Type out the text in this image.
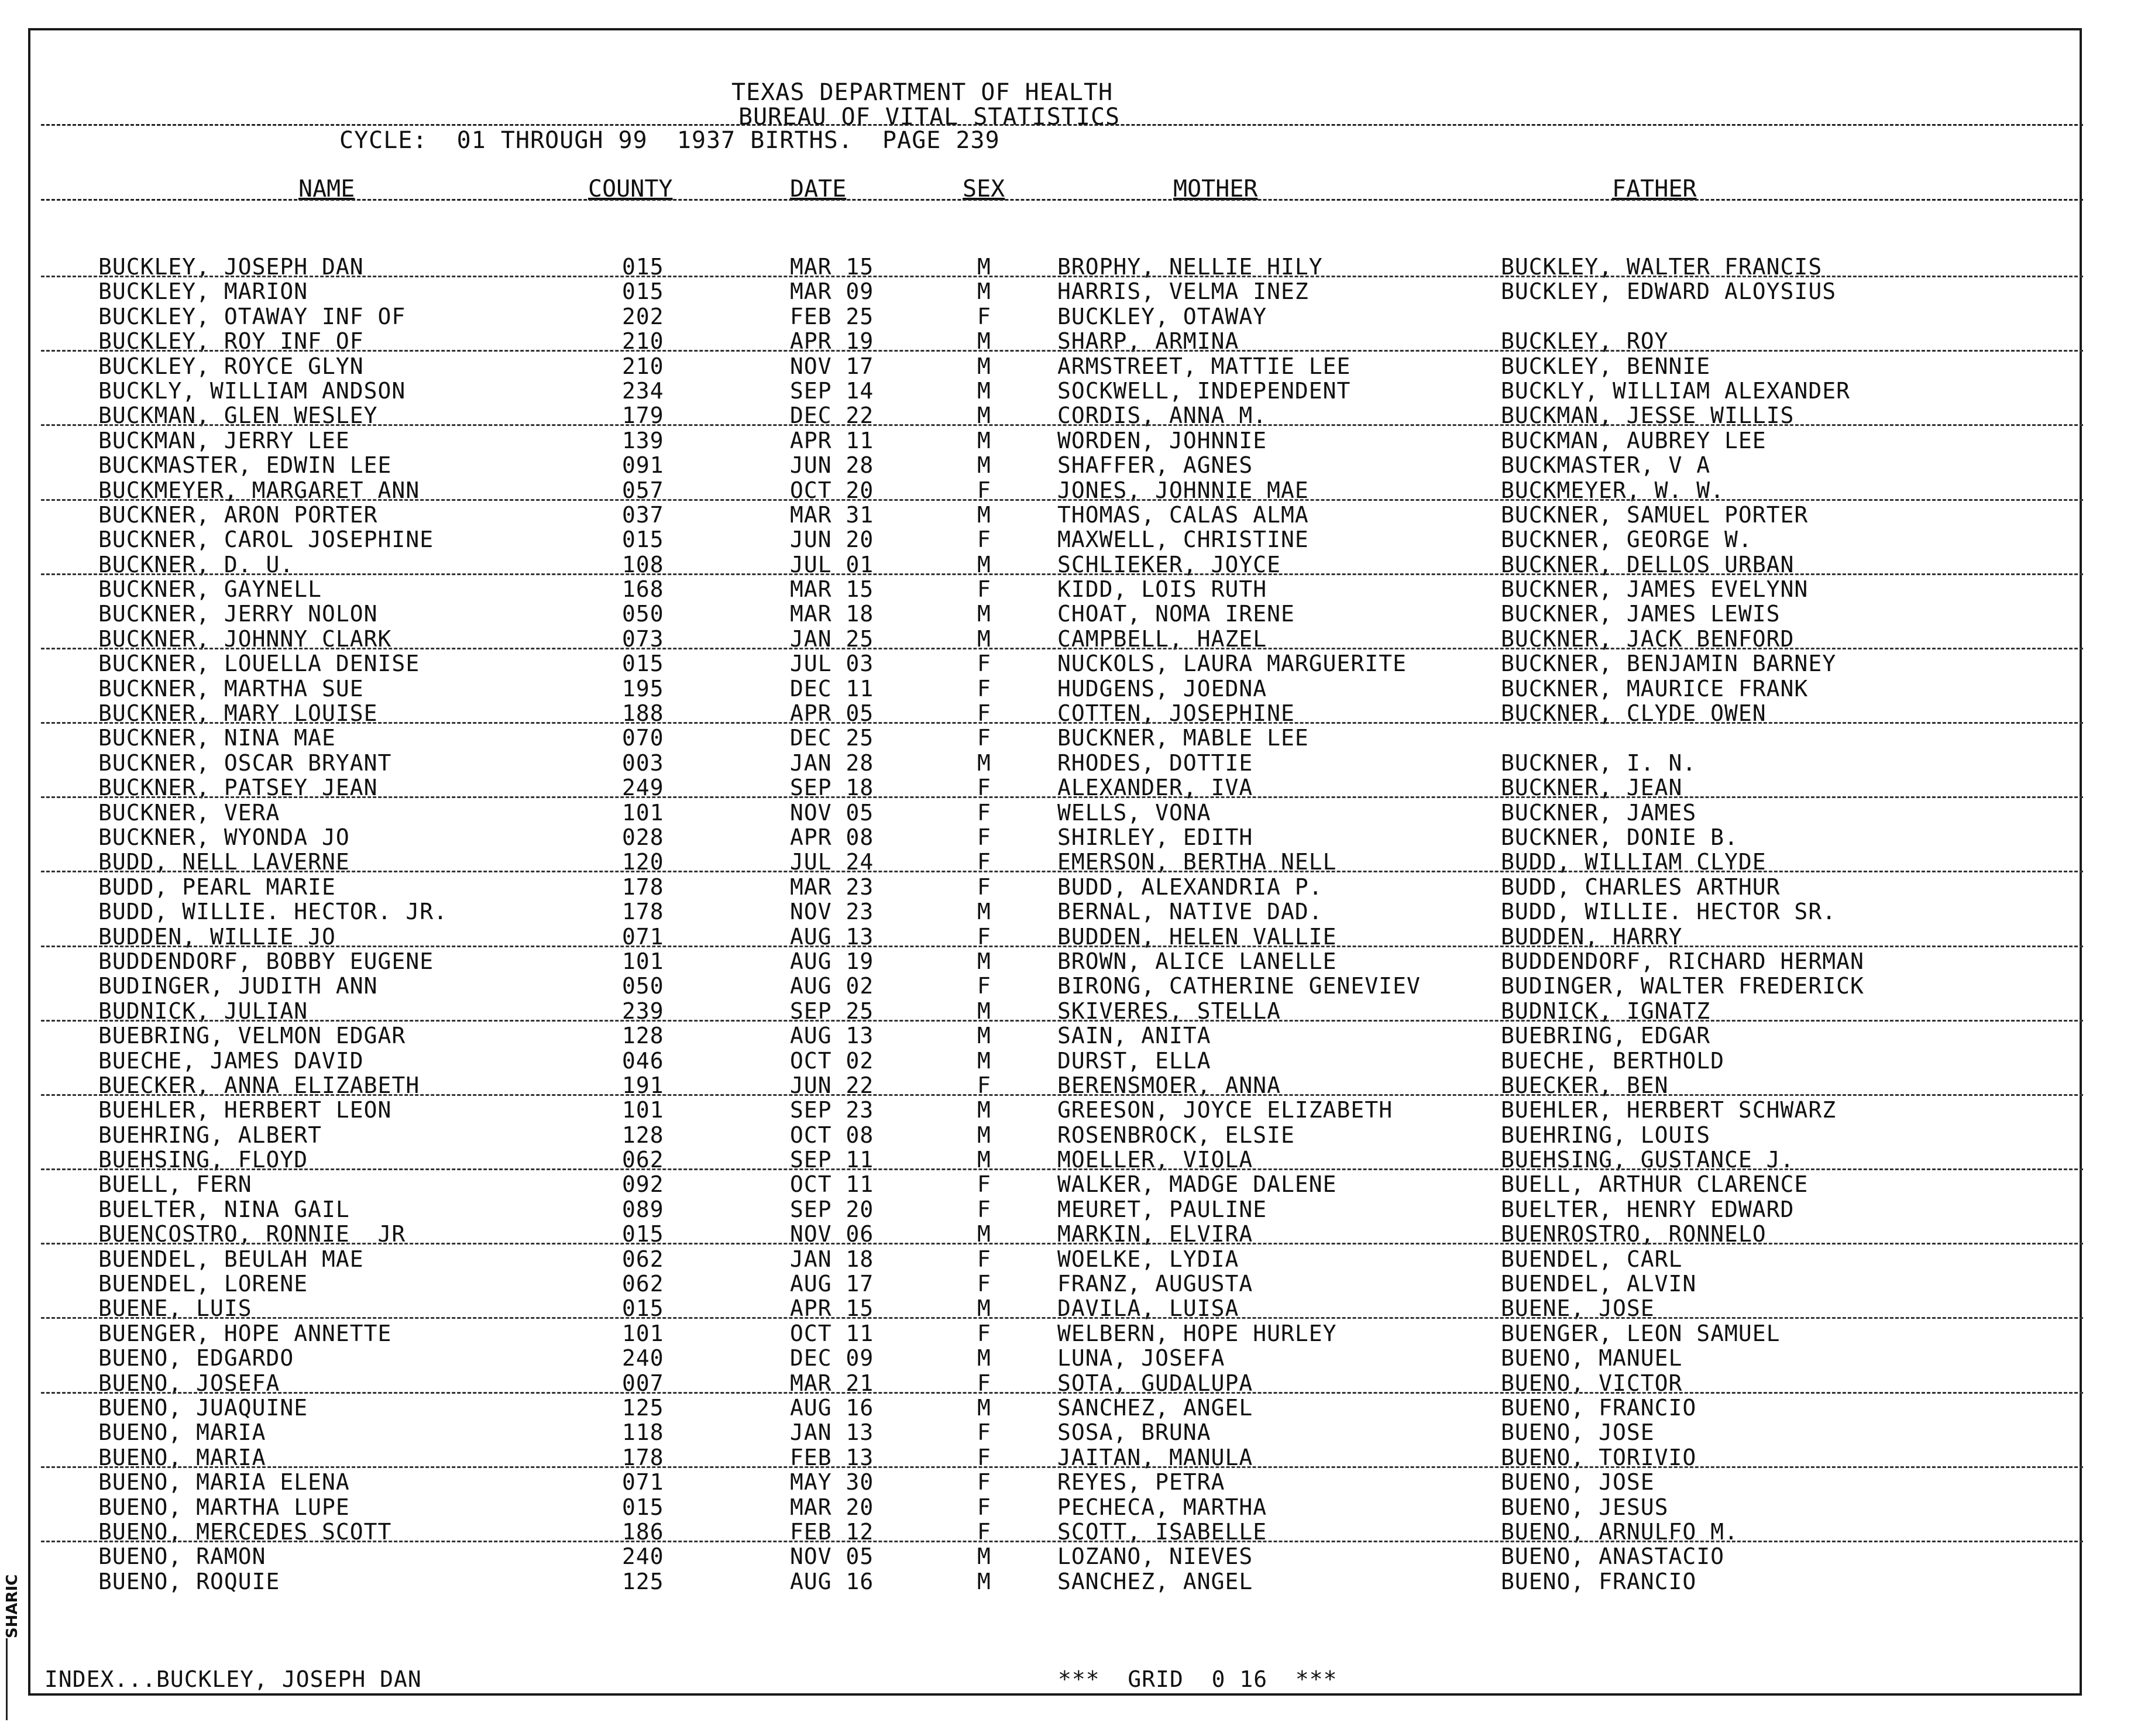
TEXAS DEPARTMENT OF HEALTH
BUREAU OF VITAL STATISTICS
CYCLE:  01 THROUGH 99  1937 BIRTHS.  PAGE 239
NAME	COUNTY	DATE	SEX	MOTHER	FATHER
BUCKLEY, JOSEPH DAN	015	MAR 15	M	BROPHY, NELLIE HILY	BUCKLEY, WALTER FRANCIS
BUCKLEY, MARION	015	MAR 09	M	HARRIS, VELMA INEZ	BUCKLEY, EDWARD ALOYSIUS
BUCKLEY, OTAWAY INF OF	202	FEB 25	F	BUCKLEY, OTAWAY
BUCKLEY, ROY INF OF	210	APR 19	M	SHARP, ARMINA	BUCKLEY, ROY
BUCKLEY, ROYCE GLYN	210	NOV 17	M	ARMSTREET, MATTIE LEE	BUCKLEY, BENNIE
BUCKLY, WILLIAM ANDSON	234	SEP 14	M	SOCKWELL, INDEPENDENT	BUCKLY, WILLIAM ALEXANDER
BUCKMAN, GLEN WESLEY	179	DEC 22	M	CORDIS, ANNA M.	BUCKMAN, JESSE WILLIS
BUCKMAN, JERRY LEE	139	APR 11	M	WORDEN, JOHNNIE	BUCKMAN, AUBREY LEE
BUCKMASTER, EDWIN LEE	091	JUN 28	M	SHAFFER, AGNES	BUCKMASTER, V A
BUCKMEYER, MARGARET ANN	057	OCT 20	F	JONES, JOHNNIE MAE	BUCKMEYER, W. W.
BUCKNER, ARON PORTER	037	MAR 31	M	THOMAS, CALAS ALMA	BUCKNER, SAMUEL PORTER
BUCKNER, CAROL JOSEPHINE	015	JUN 20	F	MAXWELL, CHRISTINE	BUCKNER, GEORGE W.
BUCKNER, D. U.	108	JUL 01	M	SCHLIEKER, JOYCE	BUCKNER, DELLOS URBAN
BUCKNER, GAYNELL	168	MAR 15	F	KIDD, LOIS RUTH	BUCKNER, JAMES EVELYNN
BUCKNER, JERRY NOLON	050	MAR 18	M	CHOAT, NOMA IRENE	BUCKNER, JAMES LEWIS
BUCKNER, JOHNNY CLARK	073	JAN 25	M	CAMPBELL, HAZEL	BUCKNER, JACK BENFORD
BUCKNER, LOUELLA DENISE	015	JUL 03	F	NUCKOLS, LAURA MARGUERITE	BUCKNER, BENJAMIN BARNEY
BUCKNER, MARTHA SUE	195	DEC 11	F	HUDGENS, JOEDNA	BUCKNER, MAURICE FRANK
BUCKNER, MARY LOUISE	188	APR 05	F	COTTEN, JOSEPHINE	BUCKNER, CLYDE OWEN
BUCKNER, NINA MAE	070	DEC 25	F	BUCKNER, MABLE LEE
BUCKNER, OSCAR BRYANT	003	JAN 28	M	RHODES, DOTTIE	BUCKNER, I. N.
BUCKNER, PATSEY JEAN	249	SEP 18	F	ALEXANDER, IVA	BUCKNER, JEAN
BUCKNER, VERA	101	NOV 05	F	WELLS, VONA	BUCKNER, JAMES
BUCKNER, WYONDA JO	028	APR 08	F	SHIRLEY, EDITH	BUCKNER, DONIE B.
BUDD, NELL LAVERNE	120	JUL 24	F	EMERSON, BERTHA NELL	BUDD, WILLIAM CLYDE
BUDD, PEARL MARIE	178	MAR 23	F	BUDD, ALEXANDRIA P.	BUDD, CHARLES ARTHUR
BUDD, WILLIE. HECTOR. JR.	178	NOV 23	M	BERNAL, NATIVE DAD.	BUDD, WILLIE. HECTOR SR.
BUDDEN, WILLIE JO	071	AUG 13	F	BUDDEN, HELEN VALLIE	BUDDEN, HARRY
BUDDENDORF, BOBBY EUGENE	101	AUG 19	M	BROWN, ALICE LANELLE	BUDDENDORF, RICHARD HERMAN
BUDINGER, JUDITH ANN	050	AUG 02	F	BIRONG, CATHERINE GENEVIEV	BUDINGER, WALTER FREDERICK
BUDNICK, JULIAN	239	SEP 25	M	SKIVERES, STELLA	BUDNICK, IGNATZ
BUEBRING, VELMON EDGAR	128	AUG 13	M	SAIN, ANITA	BUEBRING, EDGAR
BUECHE, JAMES DAVID	046	OCT 02	M	DURST, ELLA	BUECHE, BERTHOLD
BUECKER, ANNA ELIZABETH	191	JUN 22	F	BERENSMOER, ANNA	BUECKER, BEN
BUEHLER, HERBERT LEON	101	SEP 23	M	GREESON, JOYCE ELIZABETH	BUEHLER, HERBERT SCHWARZ
BUEHRING, ALBERT	128	OCT 08	M	ROSENBROCK, ELSIE	BUEHRING, LOUIS
BUEHSING, FLOYD	062	SEP 11	M	MOELLER, VIOLA	BUEHSING, GUSTANCE J.
BUELL, FERN	092	OCT 11	F	WALKER, MADGE DALENE	BUELL, ARTHUR CLARENCE
BUELTER, NINA GAIL	089	SEP 20	F	MEURET, PAULINE	BUELTER, HENRY EDWARD
BUENCOSTRO, RONNIE  JR	015	NOV 06	M	MARKIN, ELVIRA	BUENROSTRO, RONNELO
BUENDEL, BEULAH MAE	062	JAN 18	F	WOELKE, LYDIA	BUENDEL, CARL
BUENDEL, LORENE	062	AUG 17	F	FRANZ, AUGUSTA	BUENDEL, ALVIN
BUENE, LUIS	015	APR 15	M	DAVILA, LUISA	BUENE, JOSE
BUENGER, HOPE ANNETTE	101	OCT 11	F	WELBERN, HOPE HURLEY	BUENGER, LEON SAMUEL
BUENO, EDGARDO	240	DEC 09	M	LUNA, JOSEFA	BUENO, MANUEL
BUENO, JOSEFA	007	MAR 21	F	SOTA, GUDALUPA	BUENO, VICTOR
BUENO, JUAQUINE	125	AUG 16	M	SANCHEZ, ANGEL	BUENO, FRANCIO
BUENO, MARIA	118	JAN 13	F	SOSA, BRUNA	BUENO, JOSE
BUENO, MARIA	178	FEB 13	F	JAITAN, MANULA	BUENO, TORIVIO
BUENO, MARIA ELENA	071	MAY 30	F	REYES, PETRA	BUENO, JOSE
BUENO, MARTHA LUPE	015	MAR 20	F	PECHECA, MARTHA	BUENO, JESUS
BUENO, MERCEDES SCOTT	186	FEB 12	F	SCOTT, ISABELLE	BUENO, ARNULFO M.
BUENO, RAMON	240	NOV 05	M	LOZANO, NIEVES	BUENO, ANASTACIO
BUENO, ROQUIE	125	AUG 16	M	SANCHEZ, ANGEL	BUENO, FRANCIO
INDEX...BUCKLEY, JOSEPH DAN	***  GRID  0 16  ***
SHARIC
